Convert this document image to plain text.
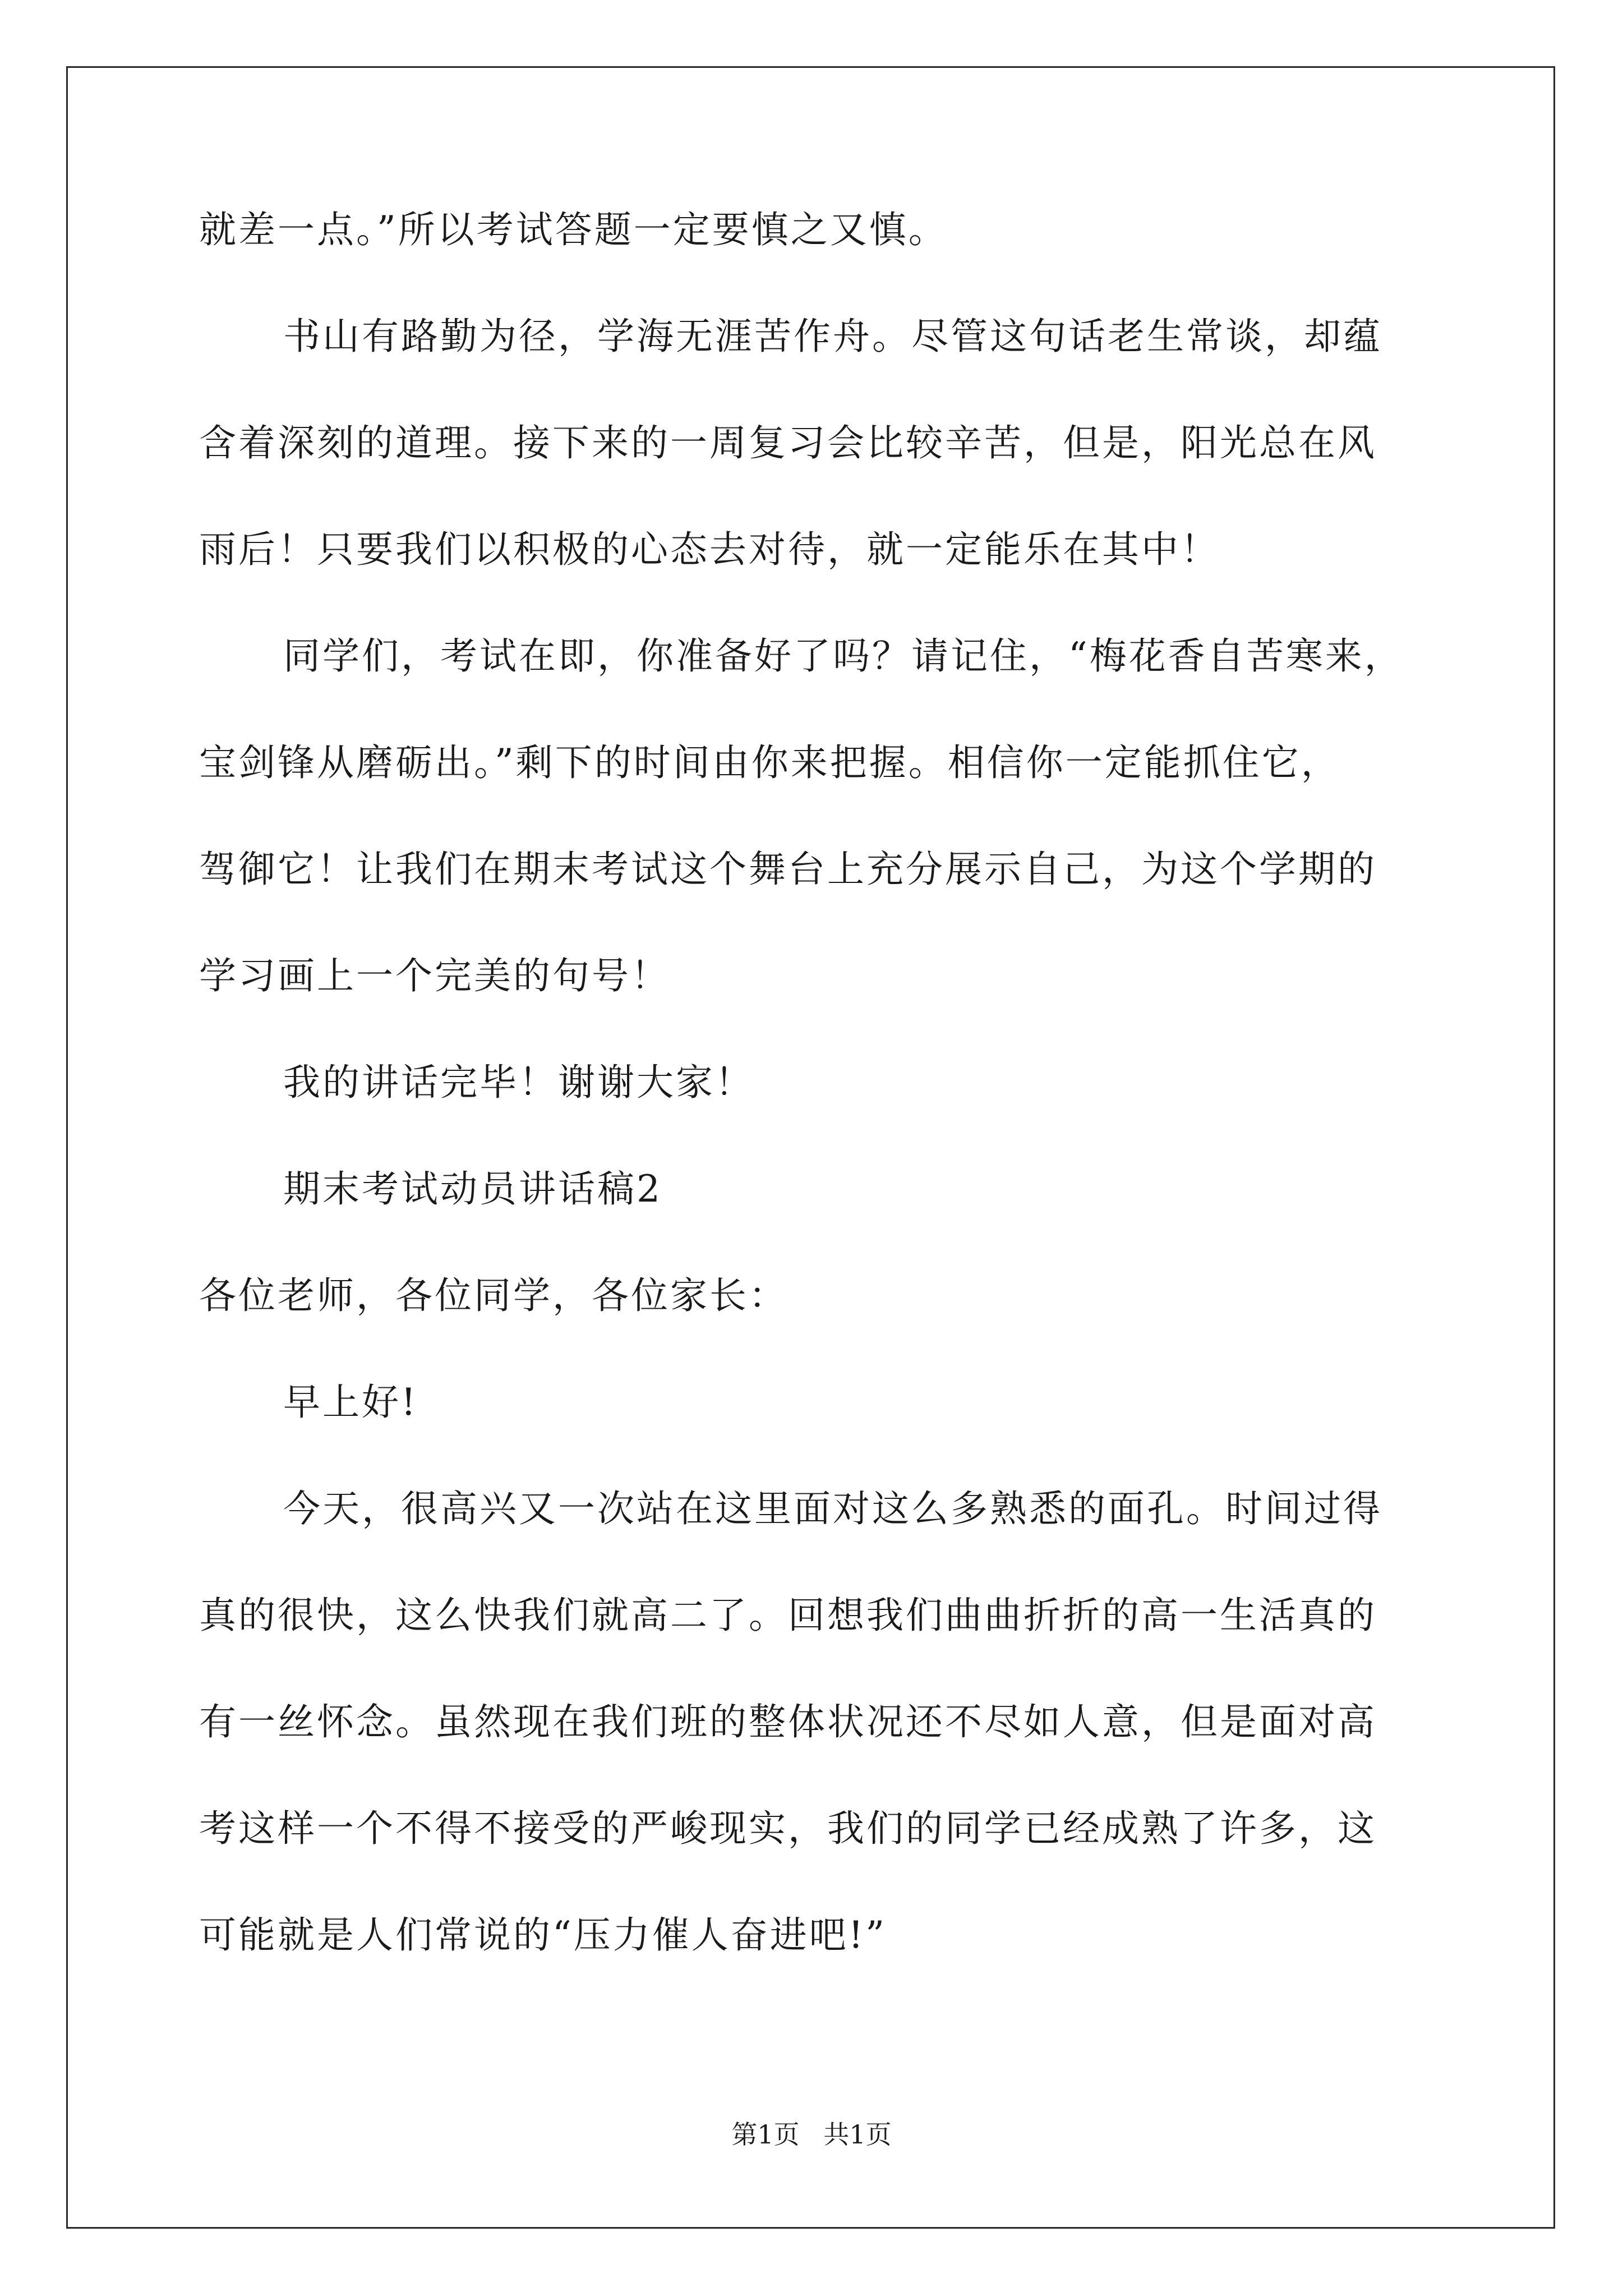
就差一点。”所以考试答题一定要慎之又慎。
书山有路勤为径，学海无涯苦作舟。尽管这句话老生常谈，却蕴
含着深刻的道理。接下来的一周复习会比较辛苦，但是，阳光总在风
雨后！只要我们以积极的心态去对待，就一定能乐在其中！
同学们，考试在即，你准备好了吗？请记住，“梅花香自苦寒来，
宝剑锋从磨砺出。”剩下的时间由你来把握。相信你一定能抓住它，
驾御它！让我们在期末考试这个舞台上充分展示自己，为这个学期的
学习画上一个完美的句号！
我的讲话完毕！谢谢大家！
期末考试动员讲话稿2
各位老师，各位同学，各位家长：
早上好!
今天，很高兴又一次站在这里面对这么多熟悉的面孔。时间过得
真的很快，这么快我们就高二了。回想我们曲曲折折的高一生活真的
有一丝怀念。虽然现在我们班的整体状况还不尽如人意，但是面对高
考这样一个不得不接受的严峻现实，我们的同学已经成熟了许多，这
可能就是人们常说的“压力催人奋进吧!”
第1页 共1页
